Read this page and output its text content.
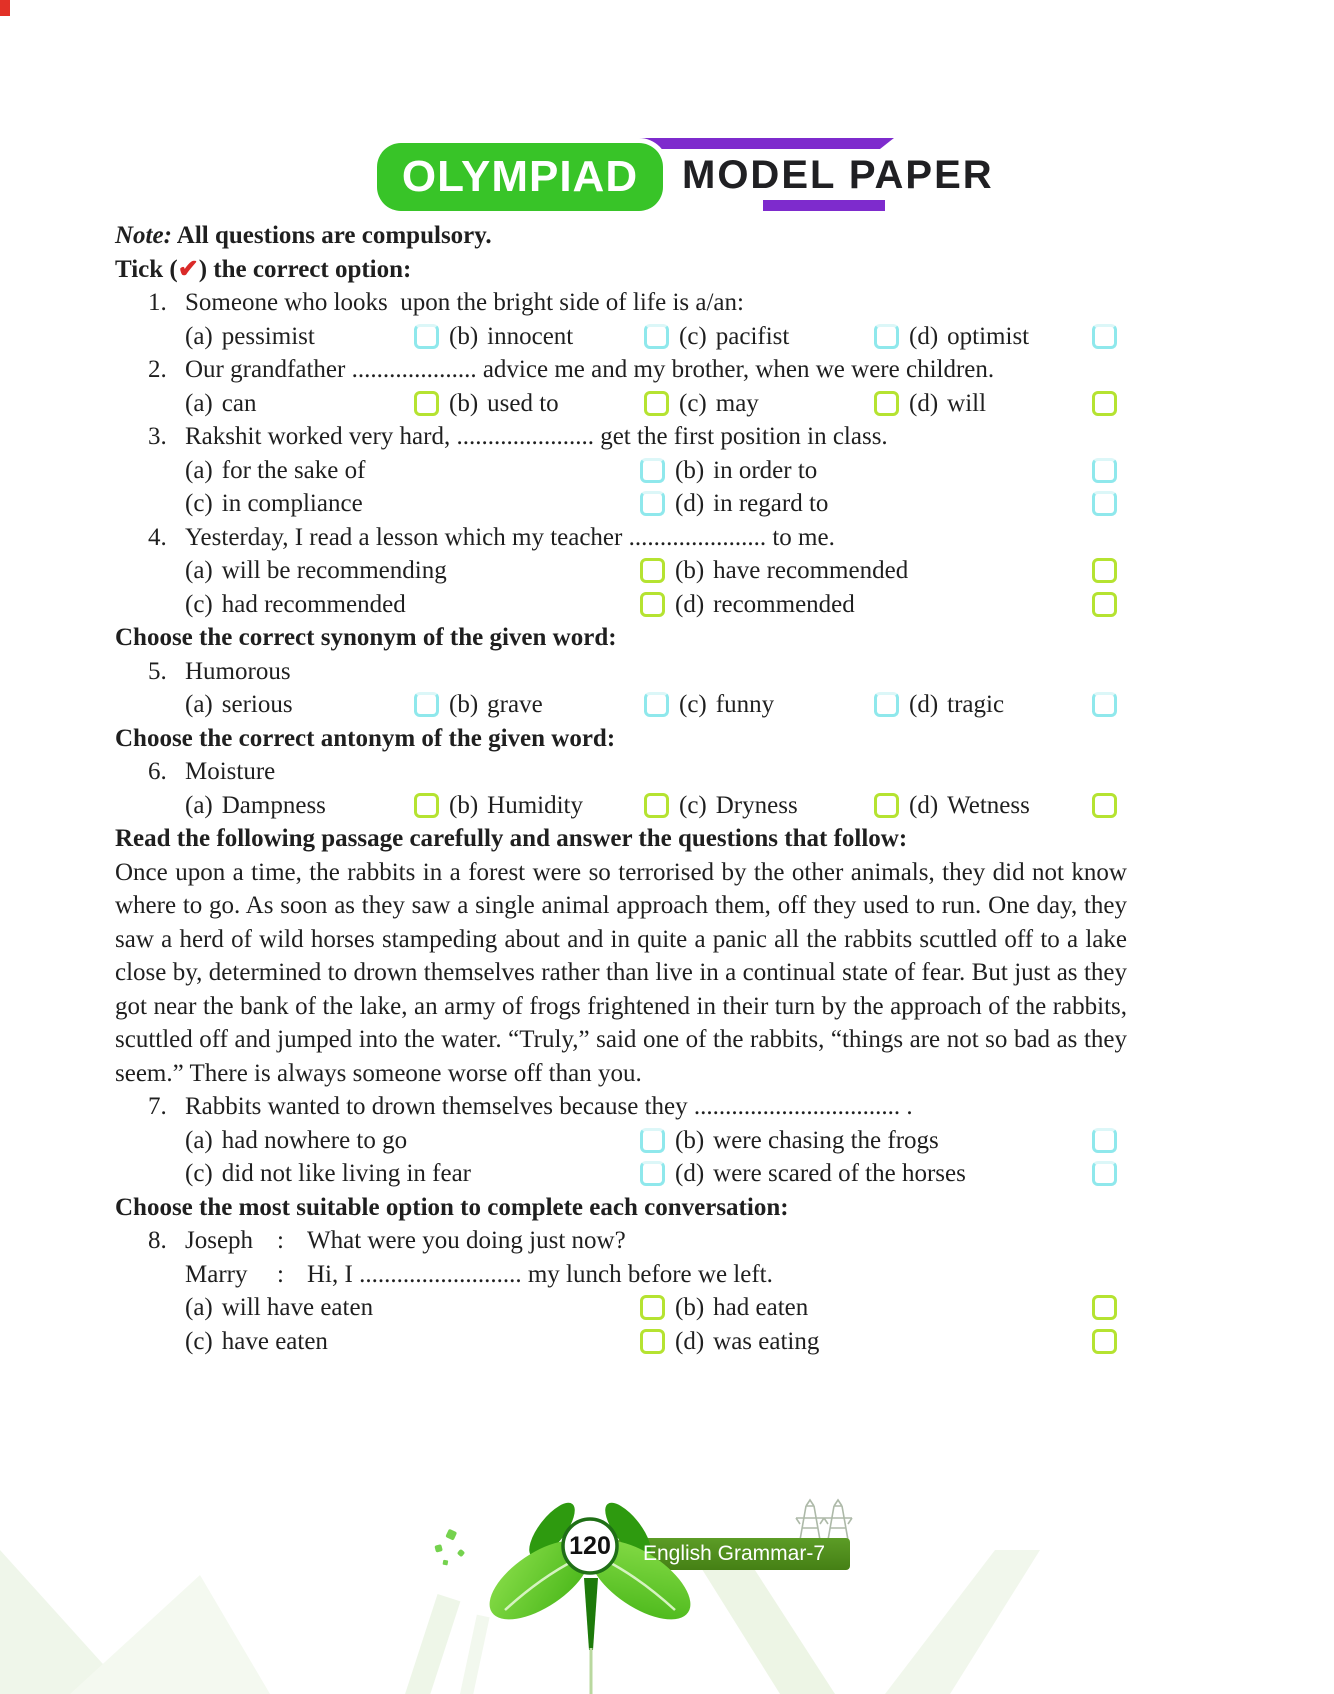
OLYMPIAD	MODEL PAPER
Note: All questions are compulsory.
Tick (✔) the correct option:
1. Someone who looks  upon the bright side of life is a/an:
(a) pessimist	(b) innocent	(c) pacifist	(d) optimist
2. Our grandfather .................... advice me and my brother, when we were children.
(a) can	(b) used to	(c) may	(d) will
3. Rakshit worked very hard, ...................... get the first position in class.
(a) for the sake of	(b) in order to
(c) in compliance	(d) in regard to
4. Yesterday, I read a lesson which my teacher ...................... to me.
(a) will be recommending	(b) have recommended
(c) had recommended	(d) recommended
Choose the correct synonym of the given word:
5. Humorous
(a) serious	(b) grave	(c) funny	(d) tragic
Choose the correct antonym of the given word:
6. Moisture
(a) Dampness	(b) Humidity	(c) Dryness	(d) Wetness
Read the following passage carefully and answer the questions that follow:
Once upon a time, the rabbits in a forest were so terrorised by the other animals, they did not know where to go. As soon as they saw a single animal approach them, off they used to run. One day, they saw a herd of wild horses stampeding about and in quite a panic all the rabbits scuttled off to a lake close by, determined to drown themselves rather than live in a continual state of fear. But just as they got near the bank of the lake, an army of frogs frightened in their turn by the approach of the rabbits, scuttled off and jumped into the water. “Truly,” said one of the rabbits, “things are not so bad as they seem.” There is always someone worse off than you.
7. Rabbits wanted to drown themselves because they ................................. .
(a) had nowhere to go	(b) were chasing the frogs
(c) did not like living in fear	(d) were scared of the horses
Choose the most suitable option to complete each conversation:
8. Joseph : What were you doing just now?
Marry	: Hi, I .......................... my lunch before we left.
(a) will have eaten	(b) had eaten
(c) have eaten	(d) was eating
120	English Grammar-7
